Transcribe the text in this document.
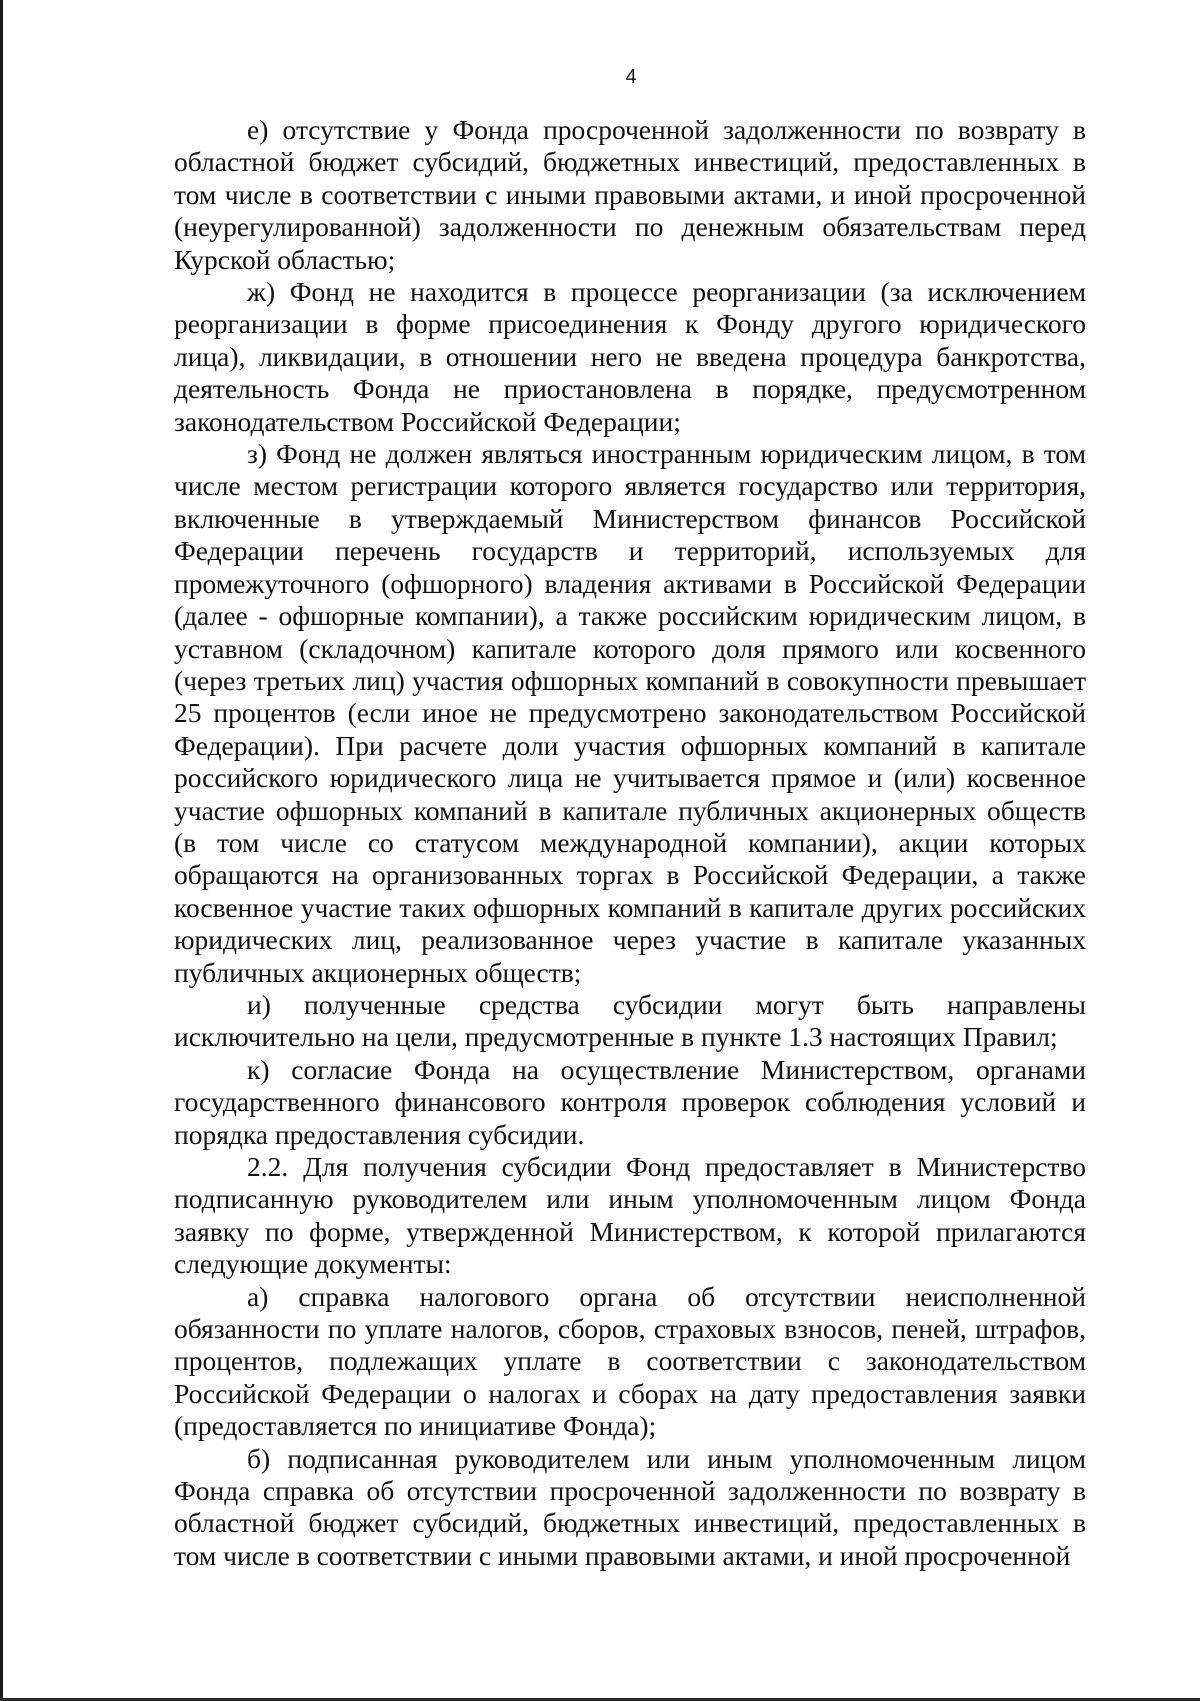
4

е) отсутствие у Фонда просроченной задолженности по возврату в областной бюджет субсидий, бюджетных инвестиций, предоставленных в том числе в соответствии с иными правовыми актами, и иной просроченной (неурегулированной) задолженности по денежным обязательствам перед Курской областью;

ж) Фонд не находится в процессе реорганизации (за исключением реорганизации в форме присоединения к Фонду другого юридического лица), ликвидации, в отношении него не введена процедура банкротства, деятельность Фонда не приостановлена в порядке, предусмотренном законодательством Российской Федерации;

з) Фонд не должен являться иностранным юридическим лицом, в том числе местом регистрации которого является государство или территория, включенные в утверждаемый Министерством финансов Российской Федерации перечень государств и территорий, используемых для промежуточного (офшорного) владения активами в Российской Федерации (далее - офшорные компании), а также российским юридическим лицом, в уставном (складочном) капитале которого доля прямого или косвенного (через третьих лиц) участия офшорных компаний в совокупности превышает 25 процентов (если иное не предусмотрено законодательством Российской Федерации). При расчете доли участия офшорных компаний в капитале российского юридического лица не учитывается прямое и (или) косвенное участие офшорных компаний в капитале публичных акционерных обществ (в том числе со статусом международной компании), акции которых обращаются на организованных торгах в Российской Федерации, а также косвенное участие таких офшорных компаний в капитале других российских юридических лиц, реализованное через участие в капитале указанных публичных акционерных обществ;

и) полученные средства субсидии могут быть направлены исключительно на цели, предусмотренные в пункте 1.3 настоящих Правил;

к) согласие Фонда на осуществление Министерством, органами государственного финансового контроля проверок соблюдения условий и порядка предоставления субсидии.

2.2. Для получения субсидии Фонд предоставляет в Министерство подписанную руководителем или иным уполномоченным лицом Фонда заявку по форме, утвержденной Министерством, к которой прилагаются следующие документы:

а) справка налогового органа об отсутствии неисполненной обязанности по уплате налогов, сборов, страховых взносов, пеней, штрафов, процентов, подлежащих уплате в соответствии с законодательством Российской Федерации о налогах и сборах на дату предоставления заявки (предоставляется по инициативе Фонда);

б) подписанная руководителем или иным уполномоченным лицом Фонда справка об отсутствии просроченной задолженности по возврату в областной бюджет субсидий, бюджетных инвестиций, предоставленных в том числе в соответствии с иными правовыми актами, и иной просроченной
